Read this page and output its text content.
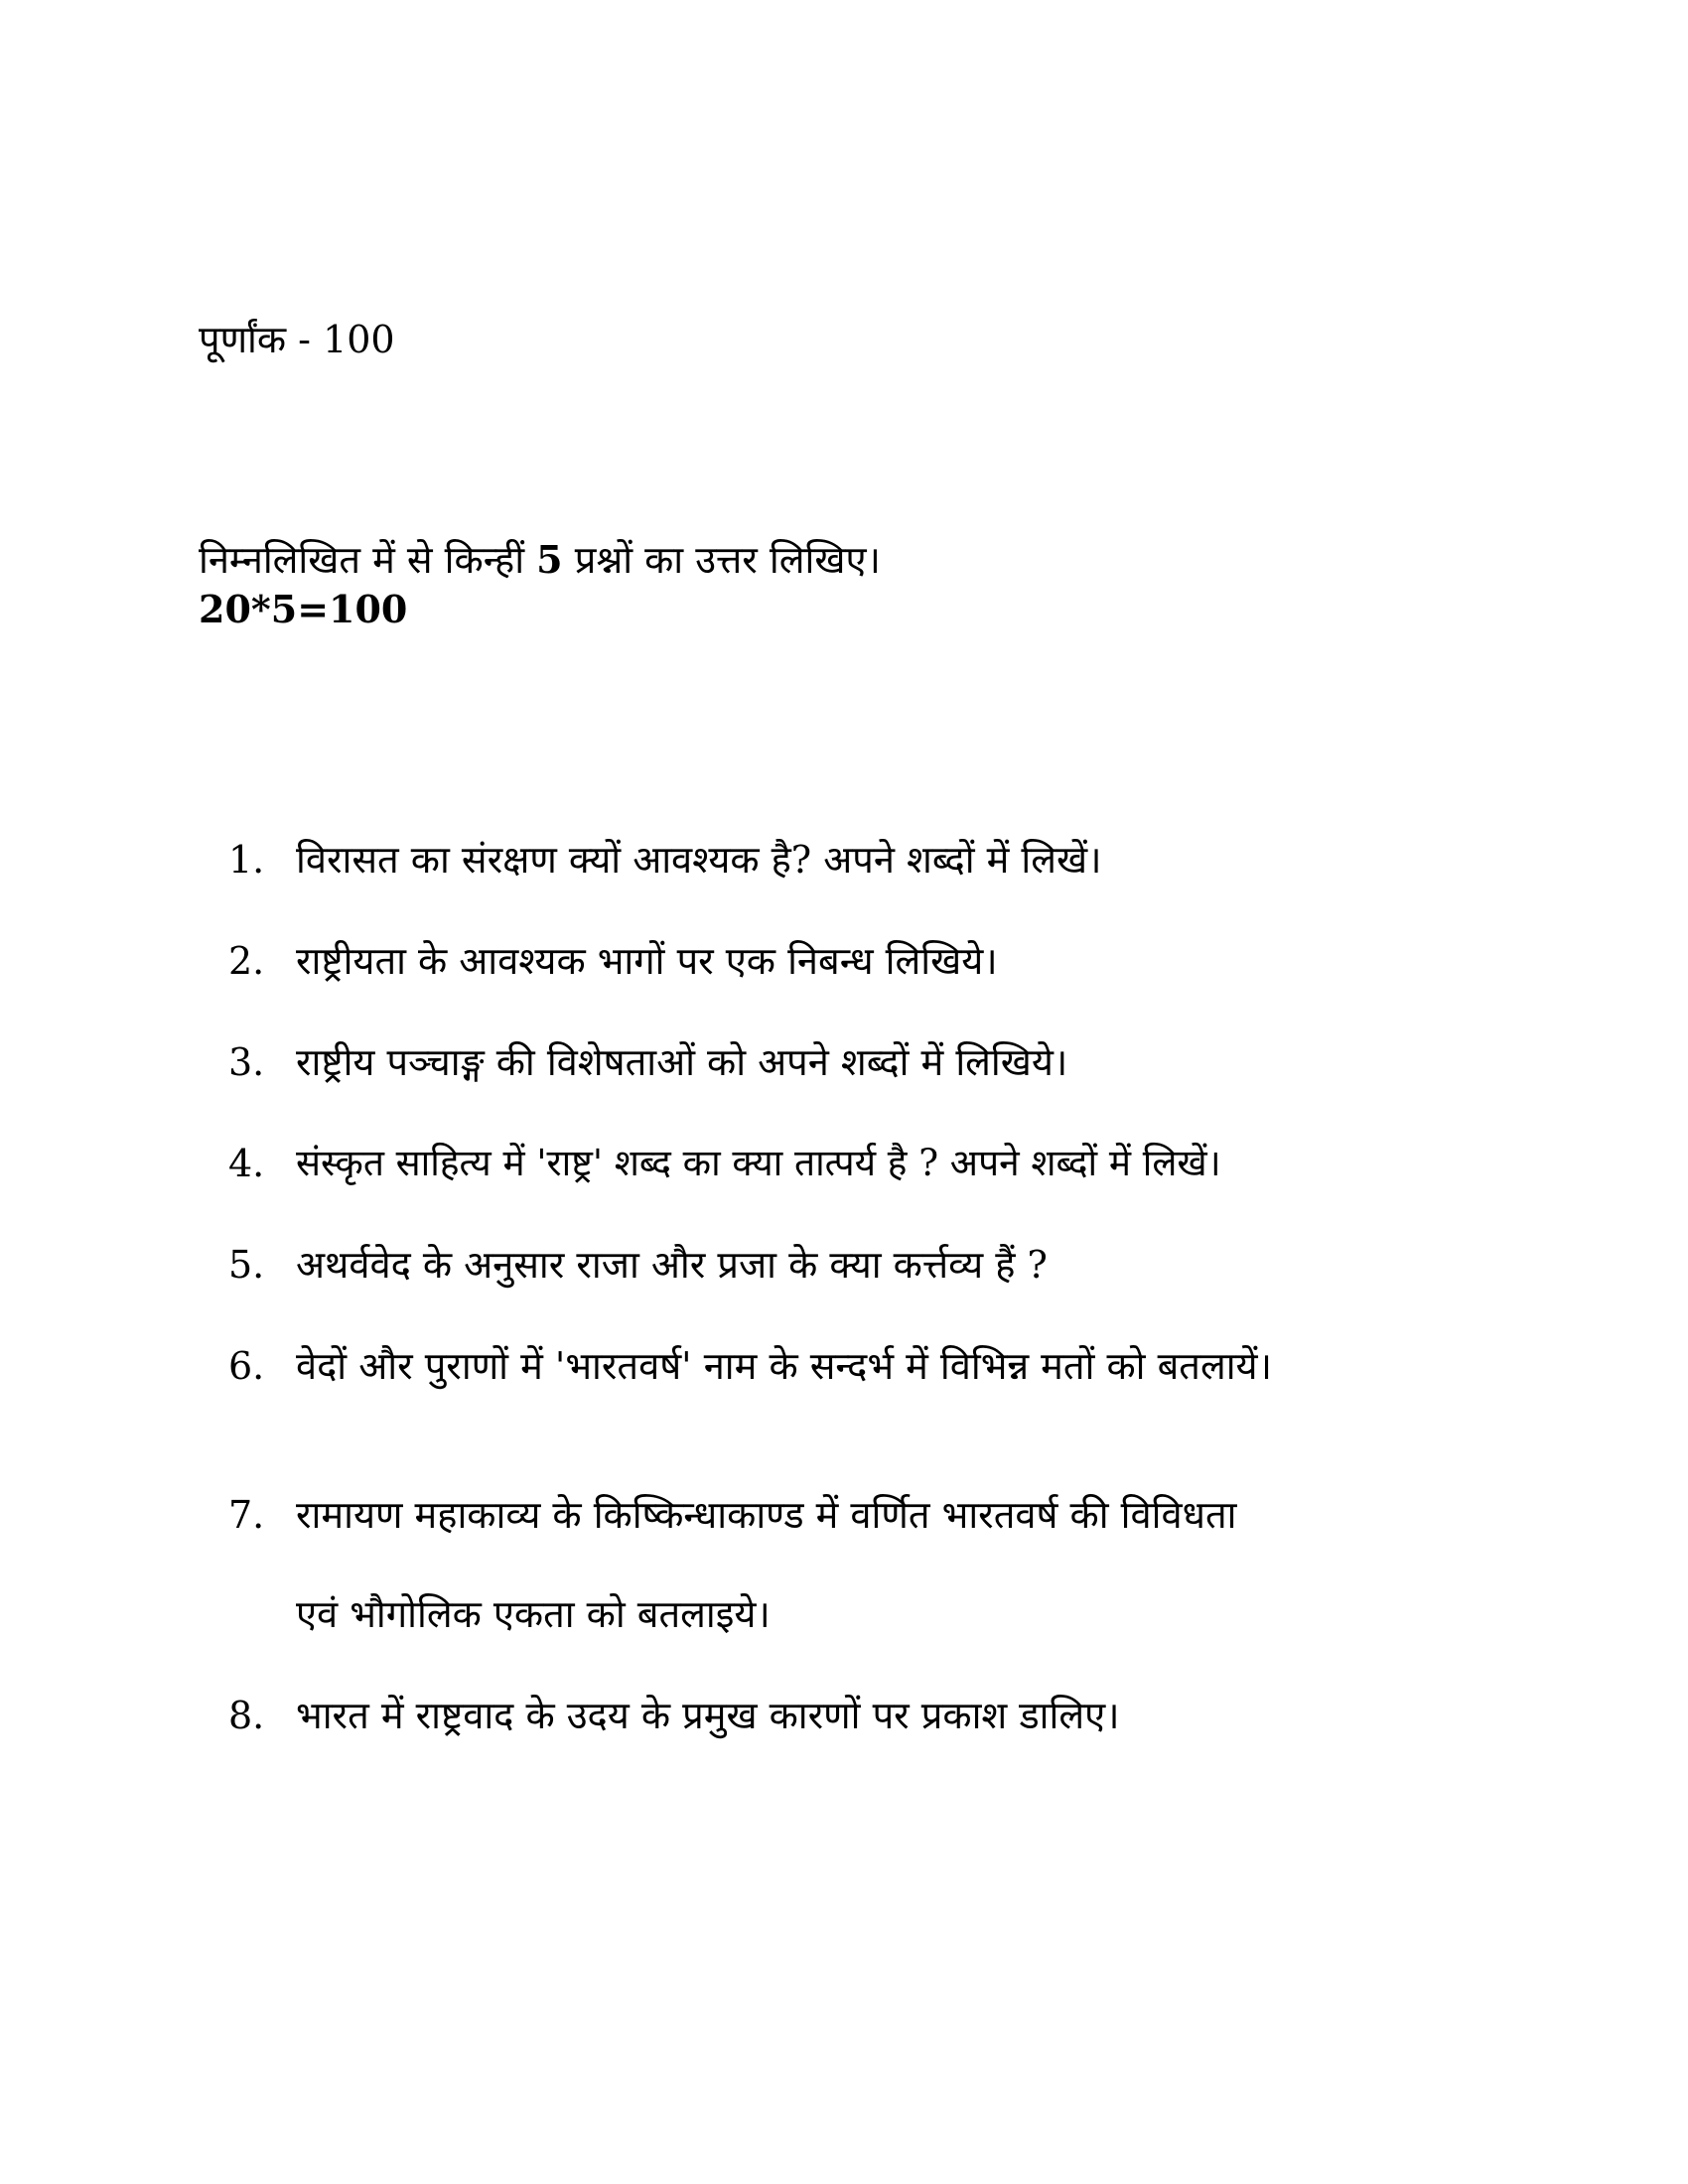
पूर्णांक - 100
निम्नलिखित में से किन्हीं 5 प्रश्नों का उत्तर लिखिए।
20*5=100
1. विरासत का संरक्षण क्यों आवश्यक है? अपने शब्दों में लिखें।
2. राष्ट्रीयता के आवश्यक भागों पर एक निबन्ध लिखिये।
3. राष्ट्रीय पञ्चाङ्ग की विशेषताओं को अपने शब्दों में लिखिये।
4. संस्कृत साहित्य में 'राष्ट्र' शब्द का क्या तात्पर्य है ? अपने शब्दों में लिखें।
5. अथर्ववेद के अनुसार राजा और प्रजा के क्या कर्त्तव्य हैं ?
6. वेदों और पुराणों में 'भारतवर्ष' नाम के सन्दर्भ में विभिन्न मतों को बतलायें।
7. रामायण महाकाव्य के किष्किन्धाकाण्ड में वर्णित भारतवर्ष की विविधता
एवं भौगोलिक एकता को बतलाइये।
8. भारत में राष्ट्रवाद के उदय के प्रमुख कारणों पर प्रकाश डालिए।
